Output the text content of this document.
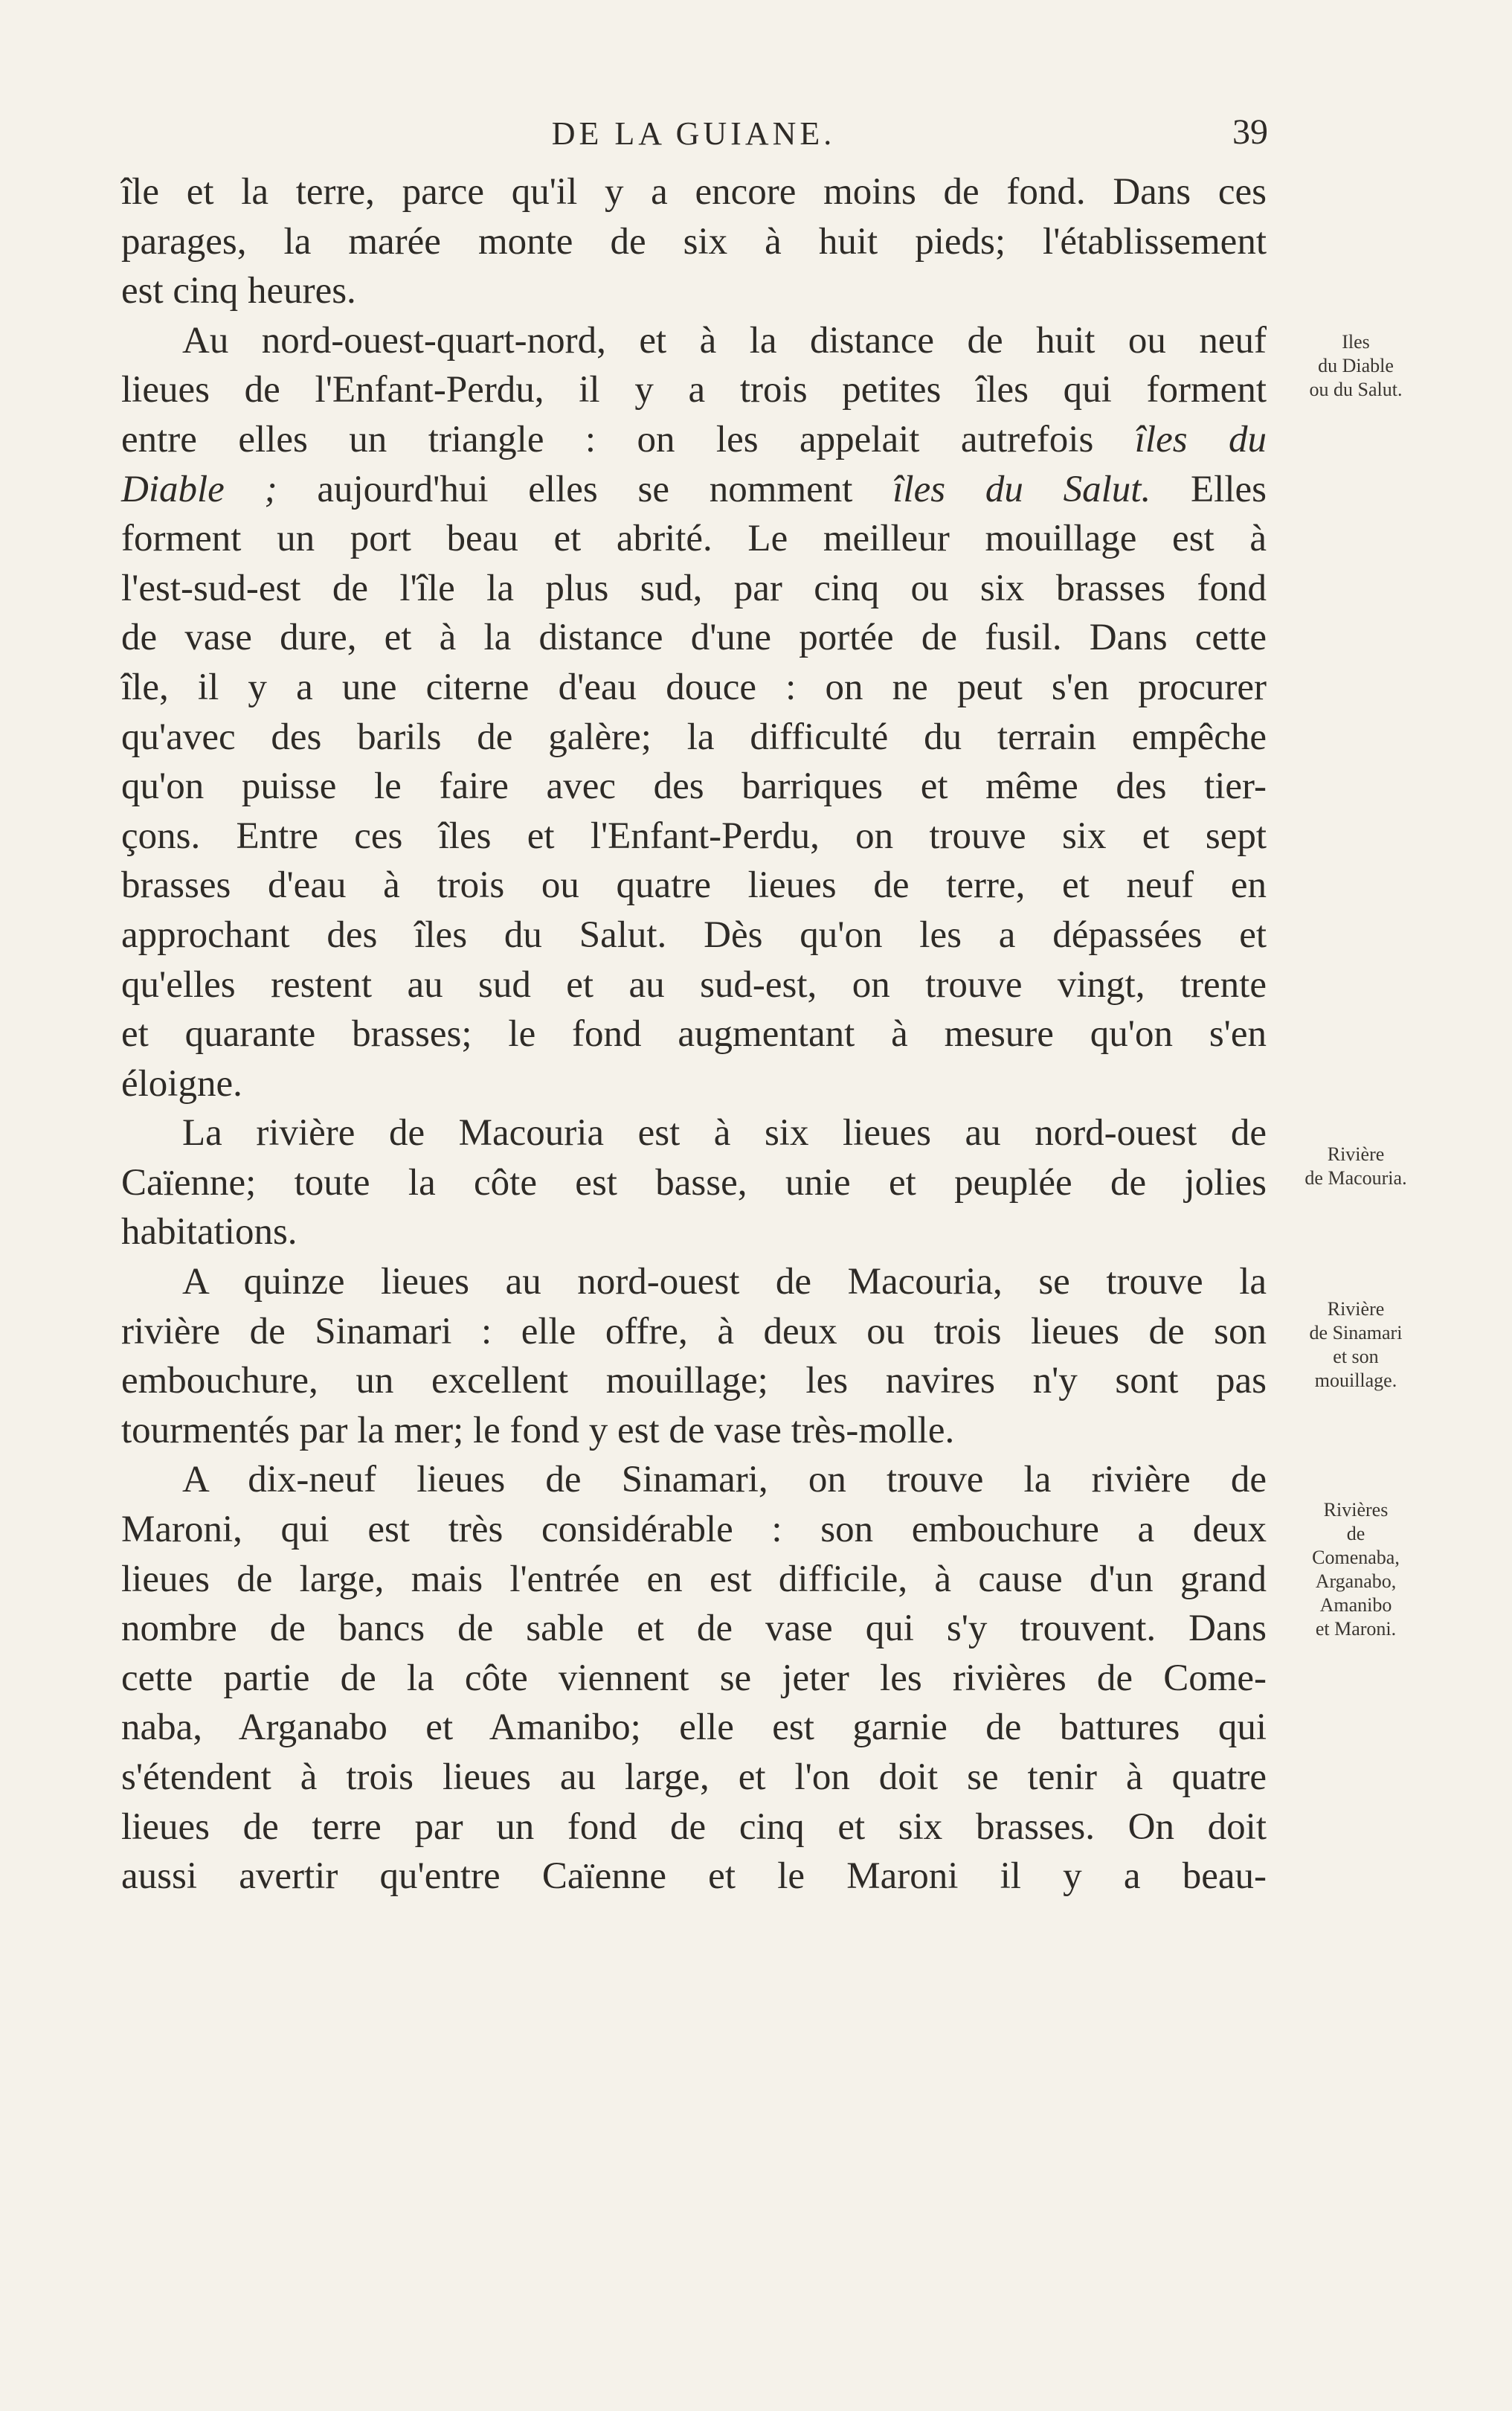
DE LA GUIANE.	39
île et la terre, parce qu'il y a encore moins de fond. Dans ces
parages, la marée monte de six à huit pieds; l'établissement
est cinq heures.
Au nord-ouest-quart-nord, et à la distance de huit ou neuf
lieues de l'Enfant-Perdu, il y a trois petites îles qui forment
entre elles un triangle : on les appelait autrefois îles du
Diable ; aujourd'hui elles se nomment îles du Salut. Elles
forment un port beau et abrité. Le meilleur mouillage est à
l'est-sud-est de l'île la plus sud, par cinq ou six brasses fond
de vase dure, et à la distance d'une portée de fusil. Dans cette
île, il y a une citerne d'eau douce : on ne peut s'en procurer
qu'avec des barils de galère; la difficulté du terrain empêche
qu'on puisse le faire avec des barriques et même des tier-
çons. Entre ces îles et l'Enfant-Perdu, on trouve six et sept
brasses d'eau à trois ou quatre lieues de terre, et neuf en
approchant des îles du Salut. Dès qu'on les a dépassées et
qu'elles restent au sud et au sud-est, on trouve vingt, trente
et quarante brasses; le fond augmentant à mesure qu'on s'en
éloigne.
La rivière de Macouria est à six lieues au nord-ouest de
Caïenne; toute la côte est basse, unie et peuplée de jolies
habitations.
A quinze lieues au nord-ouest de Macouria, se trouve la
rivière de Sinamari : elle offre, à deux ou trois lieues de son
embouchure, un excellent mouillage; les navires n'y sont pas
tourmentés par la mer; le fond y est de vase très-molle.
A dix-neuf lieues de Sinamari, on trouve la rivière de
Maroni, qui est très considérable : son embouchure a deux
lieues de large, mais l'entrée en est difficile, à cause d'un grand
nombre de bancs de sable et de vase qui s'y trouvent. Dans
cette partie de la côte viennent se jeter les rivières de Come-
naba, Arganabo et Amanibo; elle est garnie de battures qui
s'étendent à trois lieues au large, et l'on doit se tenir à quatre
lieues de terre par un fond de cinq et six brasses. On doit
aussi avertir qu'entre Caïenne et le Maroni il y a beau-
Iles
du Diable
ou du Salut.
Rivière
de Macouria.
Rivière
de Sinamari
et son
mouillage.
Rivières
de
Comenaba,
Arganabo,
Amanibo
et Maroni.
